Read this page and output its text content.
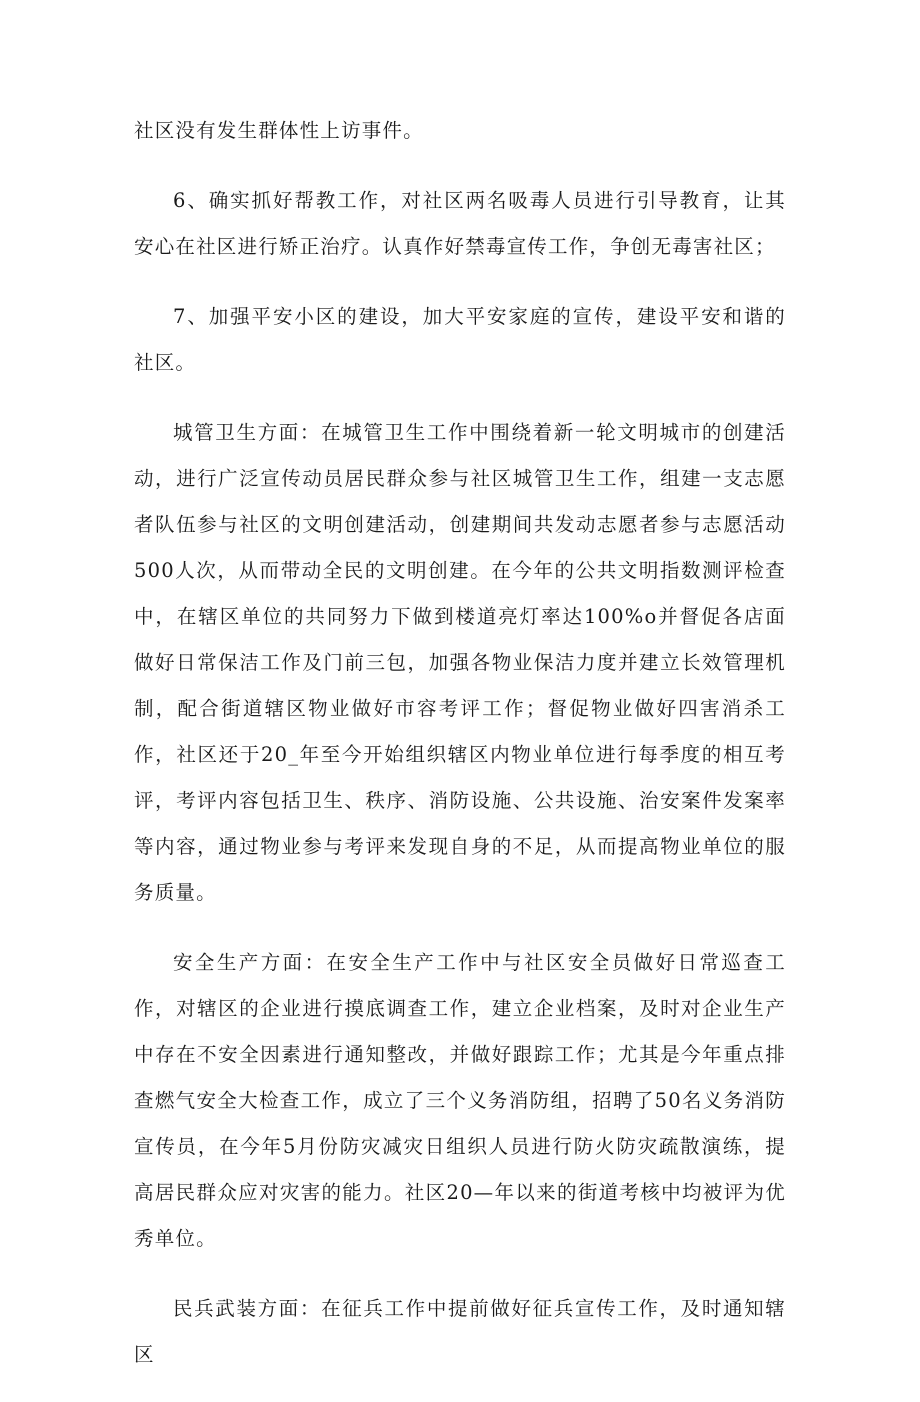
社区没有发生群体性上访事件。

6、确实抓好帮教工作，对社区两名吸毒人员进行引导教育，让其安心在社区进行矫正治疗。认真作好禁毒宣传工作，争创无毒害社区；

7、加强平安小区的建设，加大平安家庭的宣传，建设平安和谐的社区。

城管卫生方面：在城管卫生工作中围绕着新一轮文明城市的创建活动，进行广泛宣传动员居民群众参与社区城管卫生工作，组建一支志愿者队伍参与社区的文明创建活动，创建期间共发动志愿者参与志愿活动500人次，从而带动全民的文明创建。在今年的公共文明指数测评检查中，在辖区单位的共同努力下做到楼道亮灯率达100%o并督促各店面做好日常保洁工作及门前三包，加强各物业保洁力度并建立长效管理机制，配合街道辖区物业做好市容考评工作；督促物业做好四害消杀工作，社区还于20_年至今开始组织辖区内物业单位进行每季度的相互考评，考评内容包括卫生、秩序、消防设施、公共设施、治安案件发案率等内容，通过物业参与考评来发现自身的不足，从而提高物业单位的服务质量。

安全生产方面：在安全生产工作中与社区安全员做好日常巡查工作，对辖区的企业进行摸底调查工作，建立企业档案，及时对企业生产中存在不安全因素进行通知整改，并做好跟踪工作；尤其是今年重点排查燃气安全大检查工作，成立了三个义务消防组，招聘了50名义务消防宣传员，在今年5月份防灾减灾日组织人员进行防火防灾疏散演练，提高居民群众应对灾害的能力。社区20—年以来的街道考核中均被评为优秀单位。

民兵武装方面：在征兵工作中提前做好征兵宣传工作，及时通知辖区
